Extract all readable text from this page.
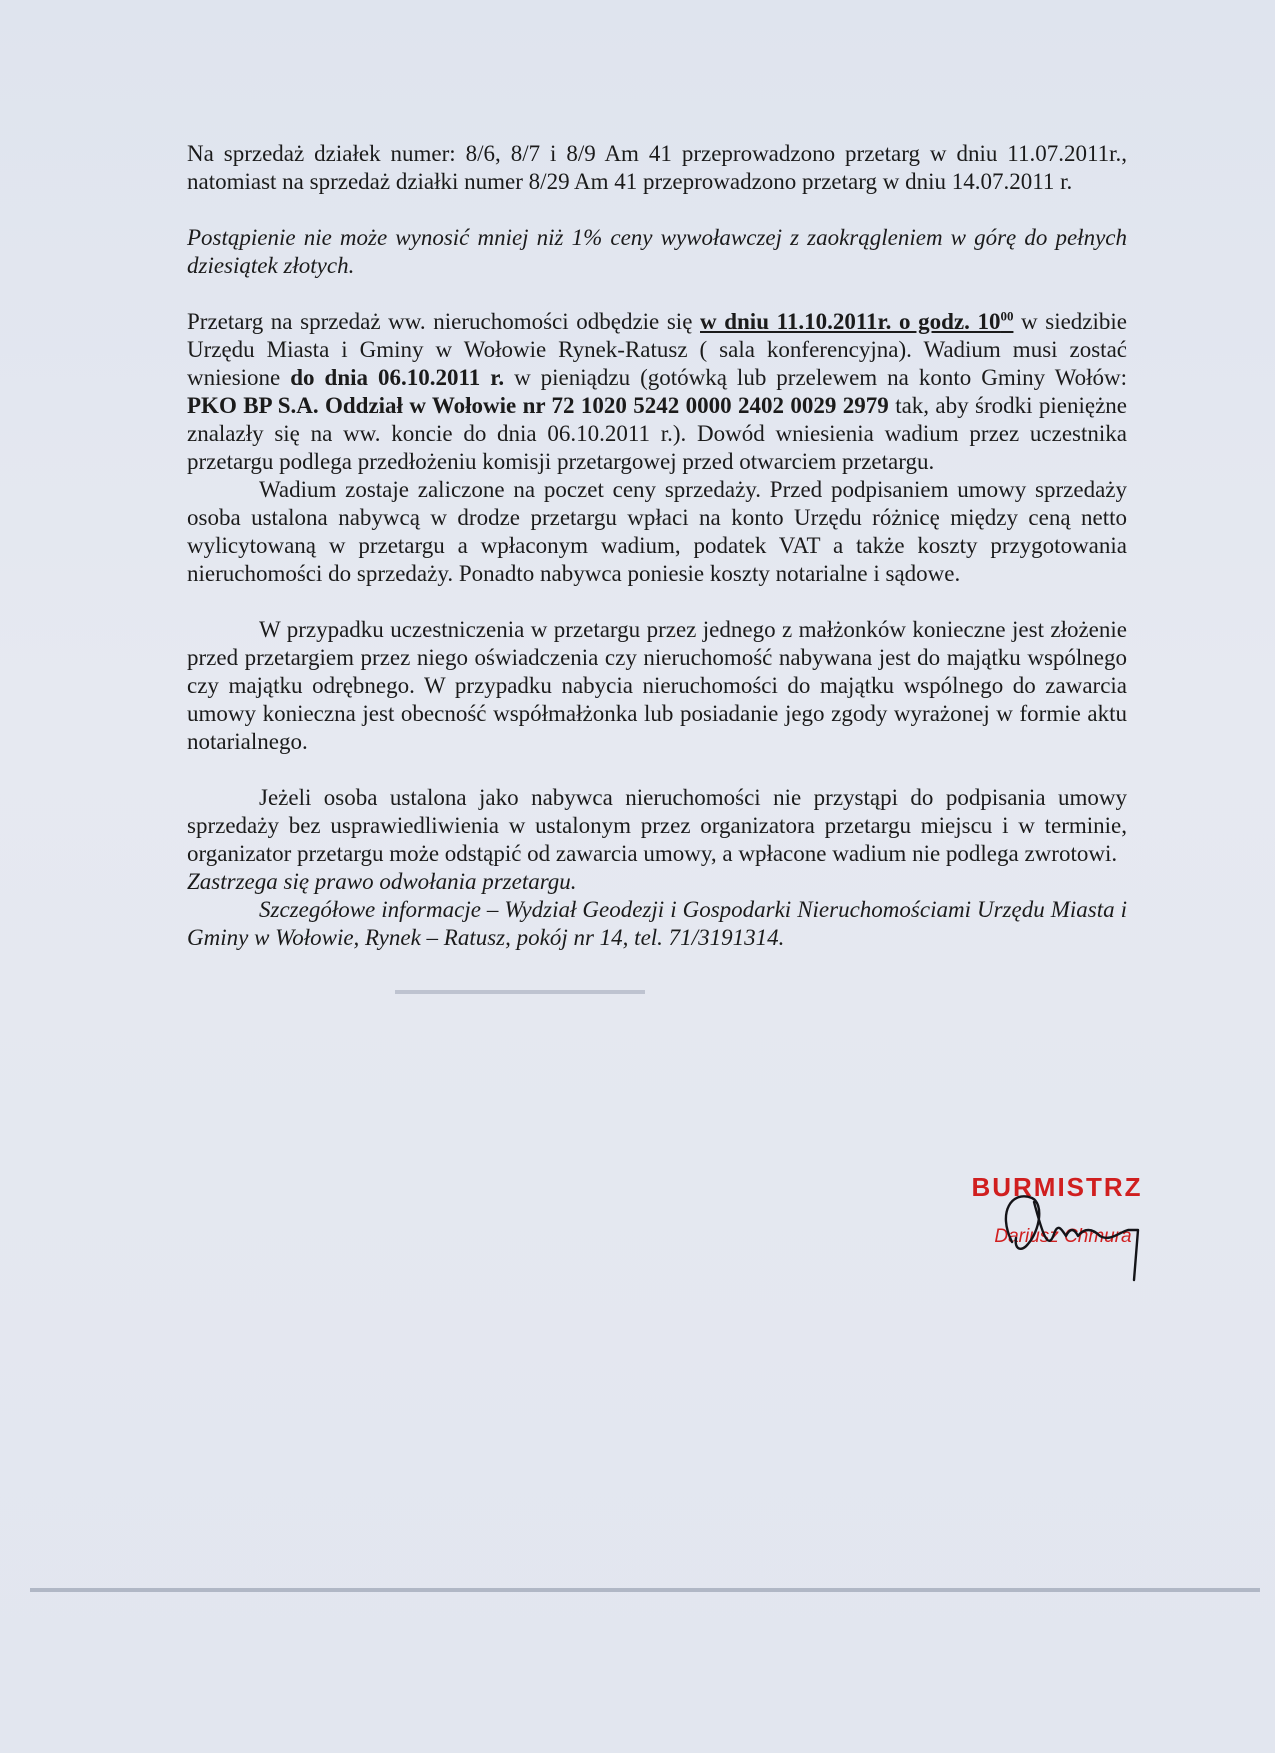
Na sprzedaż działek numer: 8/6, 8/7 i 8/9 Am 41 przeprowadzono przetarg w dniu 11.07.2011r., natomiast na sprzedaż działki numer 8/29 Am 41 przeprowadzono przetarg w dniu 14.07.2011 r.

Postąpienie nie może wynosić mniej niż 1% ceny wywoławczej z zaokrągleniem w górę do pełnych dziesiątek złotych.

Przetarg na sprzedaż ww. nieruchomości odbędzie się w dniu 11.10.2011r. o godz. $10^{00}$ w siedzibie Urzędu Miasta i Gminy w Wołowie Rynek-Ratusz ( sala konferencyjna). Wadium musi zostać wniesione do dnia 06.10.2011 r. w pieniądzu (gotówką lub przelewem na konto Gminy Wołów: PKO BP S.A. Oddział w Wołowie nr 72 1020 5242 0000 2402 0029 2979 tak, aby środki pieniężne znalazły się na ww. koncie do dnia 06.10.2011 r.). Dowód wniesienia wadium przez uczestnika przetargu podlega przedłożeniu komisji przetargowej przed otwarciem przetargu.

Wadium zostaje zaliczone na poczet ceny sprzedaży. Przed podpisaniem umowy sprzedaży osoba ustalona nabywcą w drodze przetargu wpłaci na konto Urzędu różnicę między ceną netto wylicytowaną w przetargu a wpłaconym wadium, podatek VAT a także koszty przygotowania nieruchomości do sprzedaży. Ponadto nabywca poniesie koszty notarialne i sądowe.

W przypadku uczestniczenia w przetargu przez jednego z małżonków konieczne jest złożenie przed przetargiem przez niego oświadczenia czy nieruchomość nabywana jest do majątku wspólnego czy majątku odrębnego. W przypadku nabycia nieruchomości do majątku wspólnego do zawarcia umowy konieczna jest obecność współmałżonka lub posiadanie jego zgody wyrażonej w formie aktu notarialnego.

Jeżeli osoba ustalona jako nabywca nieruchomości nie przystąpi do podpisania umowy sprzedaży bez usprawiedliwienia w ustalonym przez organizatora przetargu miejscu i w terminie, organizator przetargu może odstąpić od zawarcia umowy, a wpłacone wadium nie podlega zwrotowi.

Zastrzega się prawo odwołania przetargu.

Szczegółowe informacje – Wydział Geodezji i Gospodarki Nieruchomościami Urzędu Miasta i Gminy w Wołowie, Rynek – Ratusz, pokój nr 14, tel. 71/3191314.

BURMISTRZ
Dariusz Chmura
